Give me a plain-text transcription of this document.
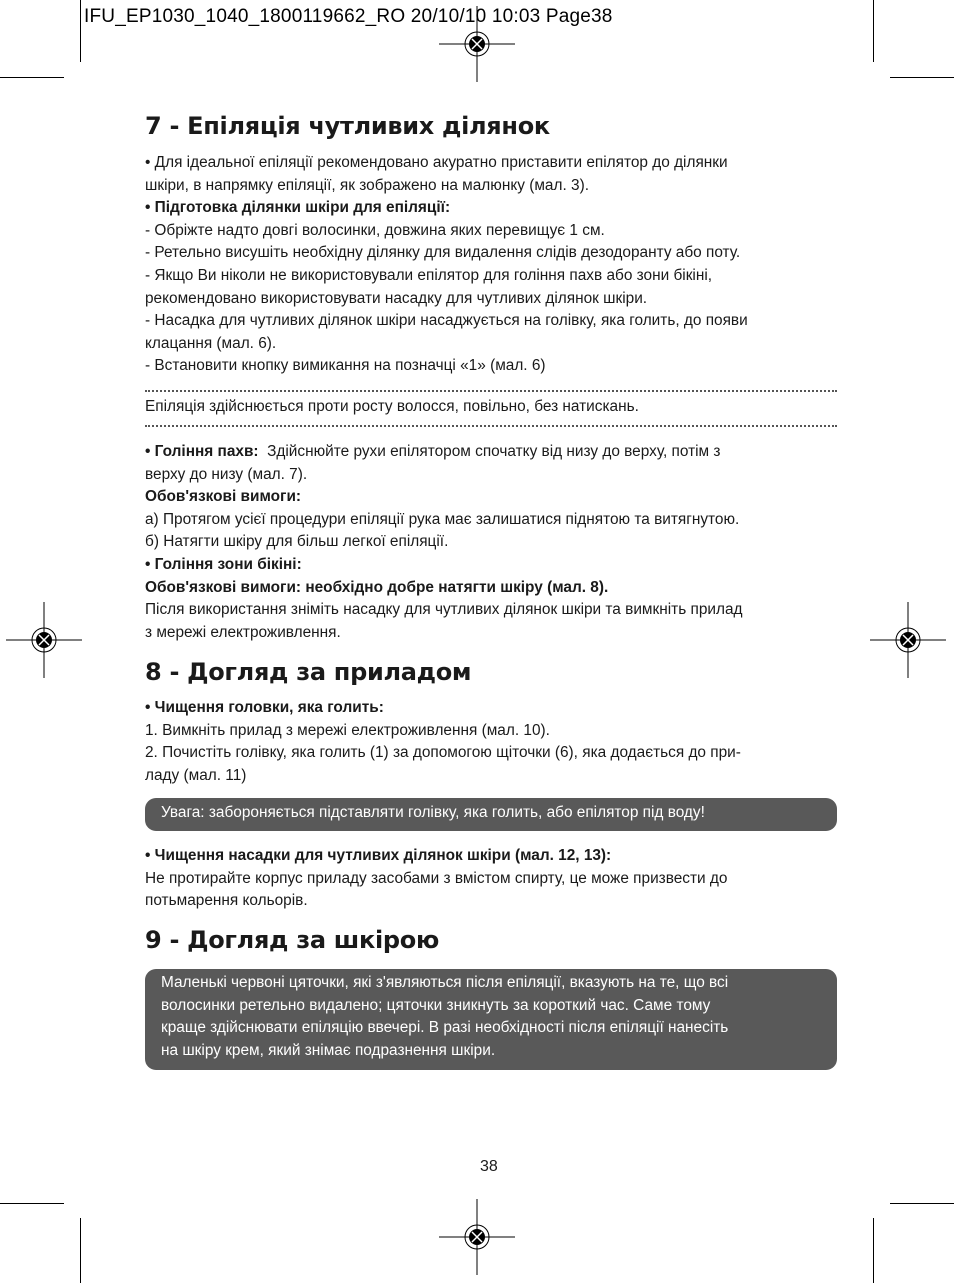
IFU_EP1030_1040_1800119662_RO 20/10/10 10:03 Page38
7 - Епіляція чутливих ділянок

• Для ідеальної епіляції рекомендовано акуратно приставити епілятор до ділянки

шкіри, в напрямку епіляції, як зображено на малюнку (мал. 3).

• Підготовка ділянки шкіри для епіляції:

- Обріжте надто довгі волосинки, довжина яких перевищує 1 см.

- Ретельно висушіть необхідну ділянку для видалення слідів дезодоранту або поту.

- Якщо Ви ніколи не використовували епілятор для гоління пахв або зони бікіні,

рекомендовано використовувати насадку для чутливих ділянок шкіри.

- Насадка для чутливих ділянок шкіри насаджується на голівку, яка голить, до появи

клацання (мал. 6).

- Встановити кнопку вимикання на позначці «1» (мал. 6)

Епіляція здійснюється проти росту волосся, повільно, без натискань.

• Гоління пахв: Здійснюйте рухи епілятором спочатку від низу до верху, потім з

верху до низу (мал. 7).

Обов'язкові вимоги:

а) Протягом усієї процедури епіляції рука має залишатися піднятою та витягнутою.

б) Натягти шкіру для більш легкої епіляції.

• Гоління зони бікіні:

Обов'язкові вимоги: необхідно добре натягти шкіру (мал. 8).

Після використання зніміть насадку для чутливих ділянок шкіри та вимкніть прилад

з мережі електроживлення.

8 - Догляд за приладом

• Чищення головки, яка голить:

1. Вимкніть прилад з мережі електроживлення (мал. 10).

2. Почистіть голівку, яка голить (1) за допомогою щіточки (6), яка додається до при-

ладу (мал. 11)

Увага: забороняється підставляти голівку, яка голить, або епілятор під воду!

• Чищення насадки для чутливих ділянок шкіри (мал. 12, 13):

Не протирайте корпус приладу засобами з вмістом спирту, це може призвести до

потьмарення кольорів.

9 - Догляд за шкірою

Маленькі червоні цяточки, які з'являються після епіляції, вказують на те, що всі

волосинки ретельно видалено; цяточки зникнуть за короткий час. Саме тому

краще здійснювати епіляцію ввечері. В разі необхідності після епіляції нанесіть

на шкіру крем, який знімає подразнення шкіри.

38
